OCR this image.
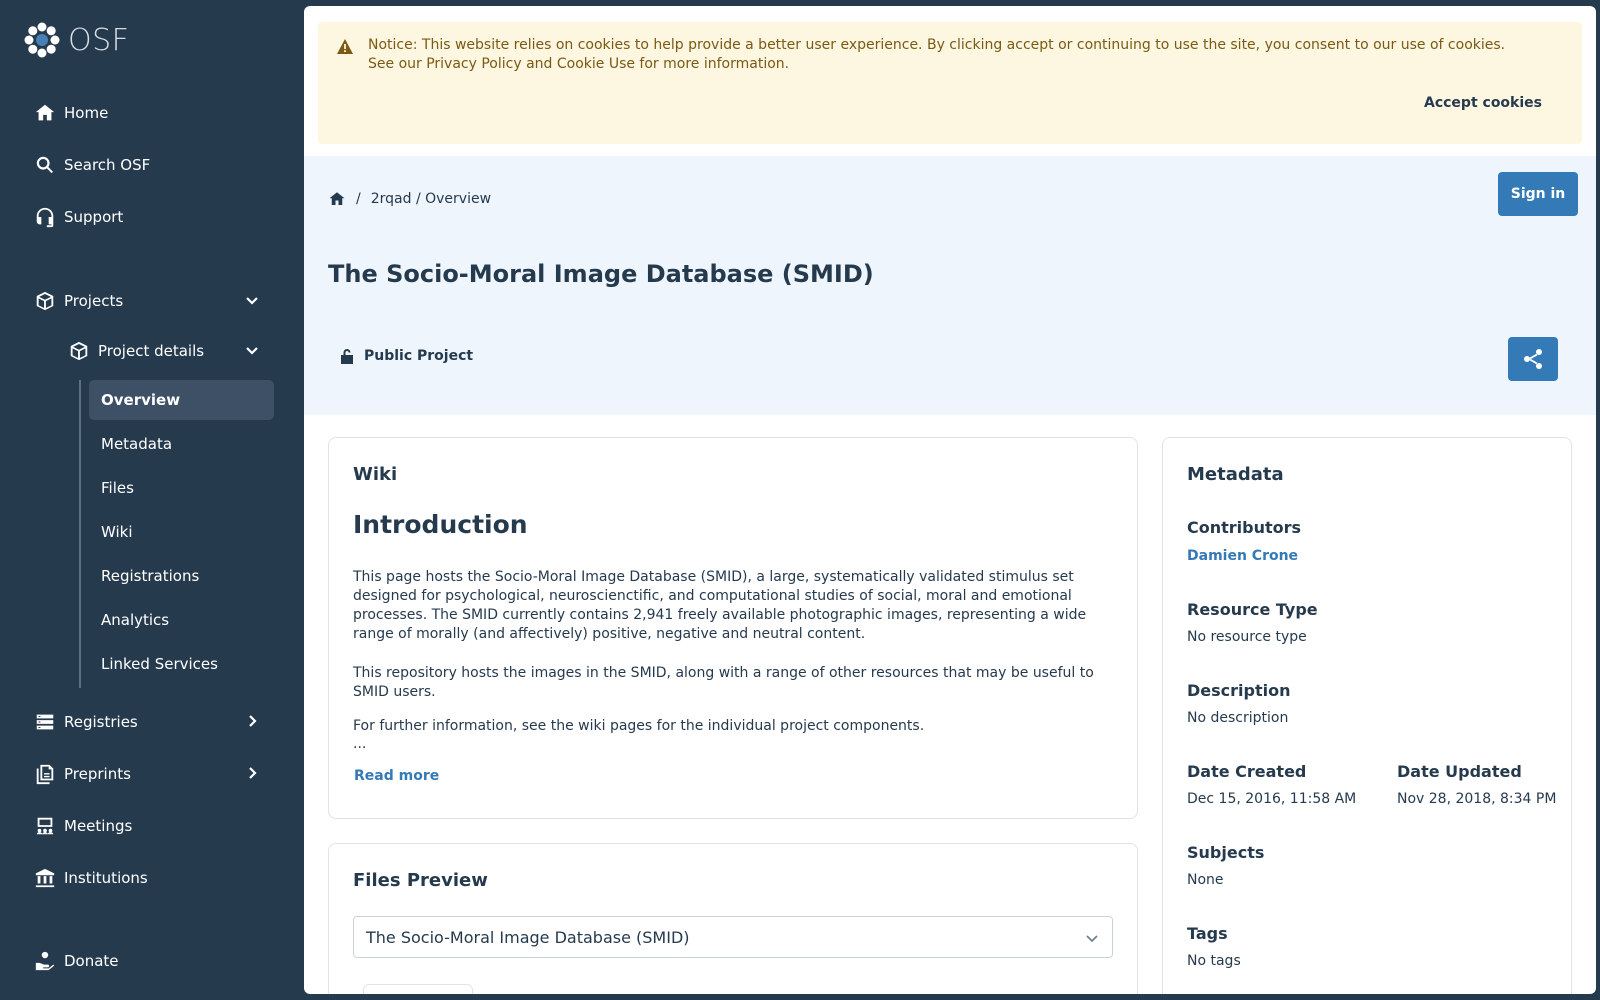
OSF
Home
Search OSF
Support
Projects
Project details
Overview
Metadata
Files
Wiki
Registrations
Analytics
Linked Services
Registries
Preprints
Meetings
Institutions
Donate
Notice: This website relies on cookies to help provide a better user experience. By clicking accept or continuing to use the site, you consent to our use of cookies. See our Privacy Policy and Cookie Use for more information.
Accept cookies
/ 2rqad / Overview	Sign in
The Socio-Moral Image Database (SMID)
Public Project
Wiki
Introduction
This page hosts the Socio-Moral Image Database (SMID), a large, systematically validated stimulus set designed for psychological, neuroscienctific, and computational studies of social, moral and emotional processes. The SMID currently contains 2,941 freely available photographic images, representing a wide range of morally (and affectively) positive, negative and neutral content.
This repository hosts the images in the SMID, along with a range of other resources that may be useful to SMID users.
For further information, see the wiki pages for the individual project components.
...
Read more
Files Preview
The Socio-Moral Image Database (SMID)
Metadata
Contributors
Damien Crone
Resource Type
No resource type
Description
No description
Date Created
Dec 15, 2016, 11:58 AM
Date Updated
Nov 28, 2018, 8:34 PM
Subjects
None
Tags
No tags
